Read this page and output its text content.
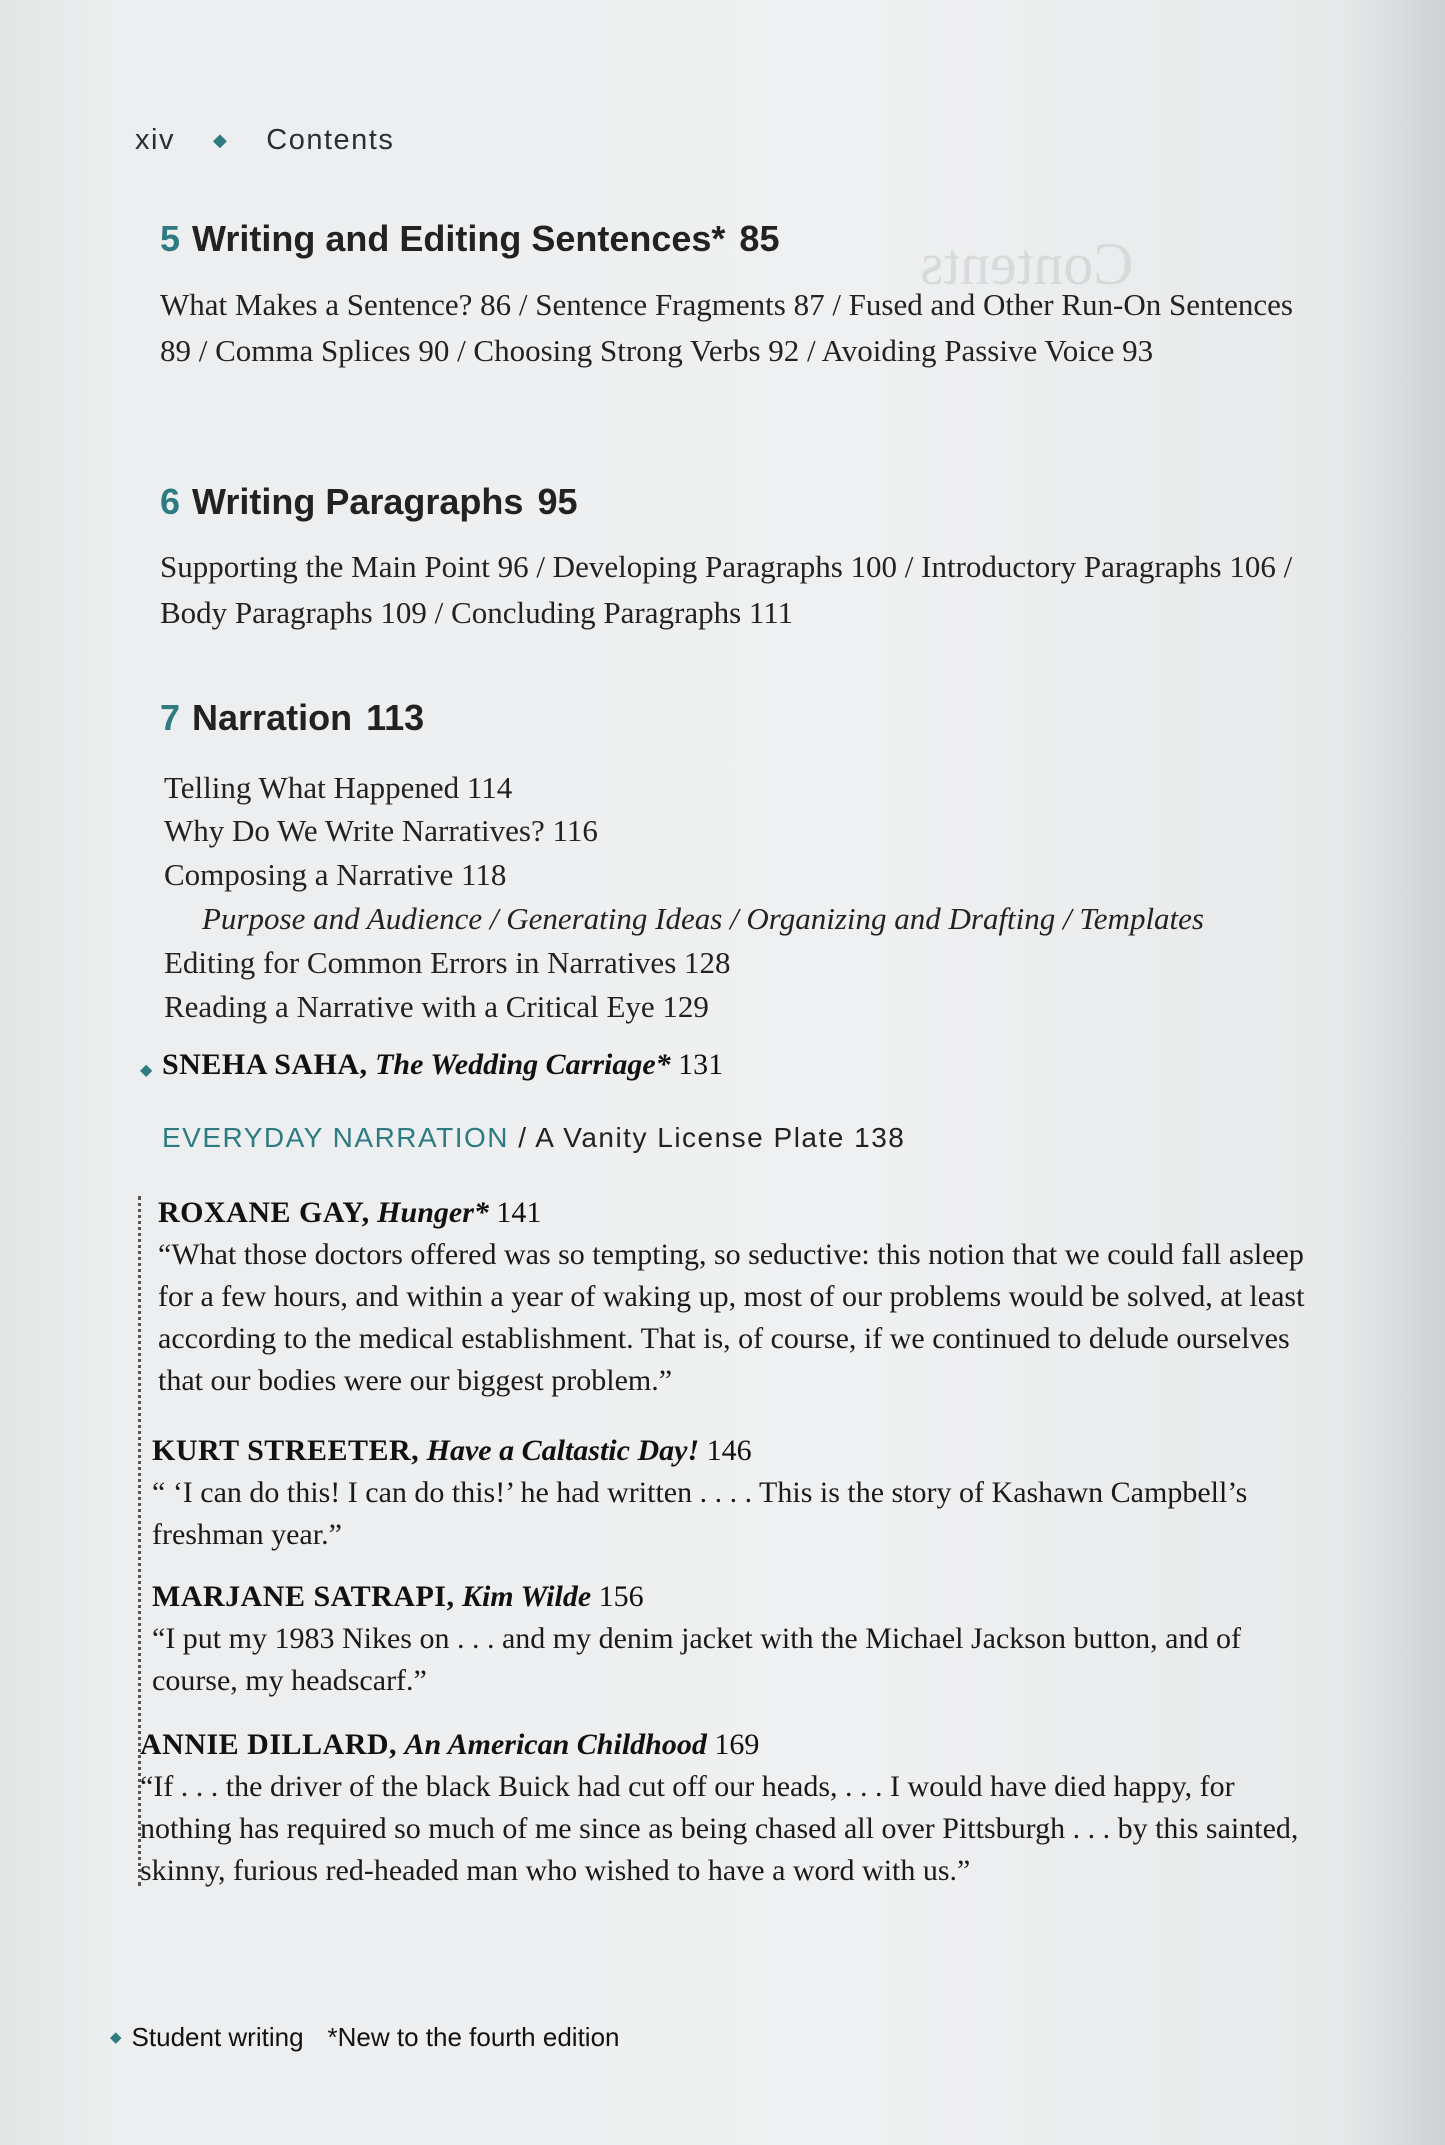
Contents
xiv ◆ Contents
5 Writing and Editing Sentences* 85
What Makes a Sentence? 86 / Sentence Fragments 87 / Fused and Other Run-On Sentences 89 / Comma Splices 90 / Choosing Strong Verbs 92 / Avoiding Passive Voice 93
6 Writing Paragraphs 95
Supporting the Main Point 96 / Developing Paragraphs 100 / Introductory Paragraphs 106 / Body Paragraphs 109 / Concluding Paragraphs 111
7 Narration 113
Telling What Happened 114
Why Do We Write Narratives? 116
Composing a Narrative 118
Purpose and Audience / Generating Ideas / Organizing and Drafting / Templates
Editing for Common Errors in Narratives 128
Reading a Narrative with a Critical Eye 129
◆ SNEHA SAHA, The Wedding Carriage* 131
EVERYDAY NARRATION / A Vanity License Plate 138
ROXANE GAY, Hunger* 141
“What those doctors offered was so tempting, so seductive: this notion that we could fall asleep for a few hours, and within a year of waking up, most of our problems would be solved, at least according to the medical establishment. That is, of course, if we continued to delude ourselves that our bodies were our biggest problem.”
KURT STREETER, Have a Caltastic Day! 146
“ ‘I can do this! I can do this!’ he had written . . . . This is the story of Kashawn Campbell’s freshman year.”
MARJANE SATRAPI, Kim Wilde 156
“I put my 1983 Nikes on . . . and my denim jacket with the Michael Jackson button, and of course, my headscarf.”
ANNIE DILLARD, An American Childhood 169
“If . . . the driver of the black Buick had cut off our heads, . . . I would have died happy, for nothing has required so much of me since as being chased all over Pittsburgh . . . by this sainted, skinny, furious red-headed man who wished to have a word with us.”
◆ Student writing *New to the fourth edition
